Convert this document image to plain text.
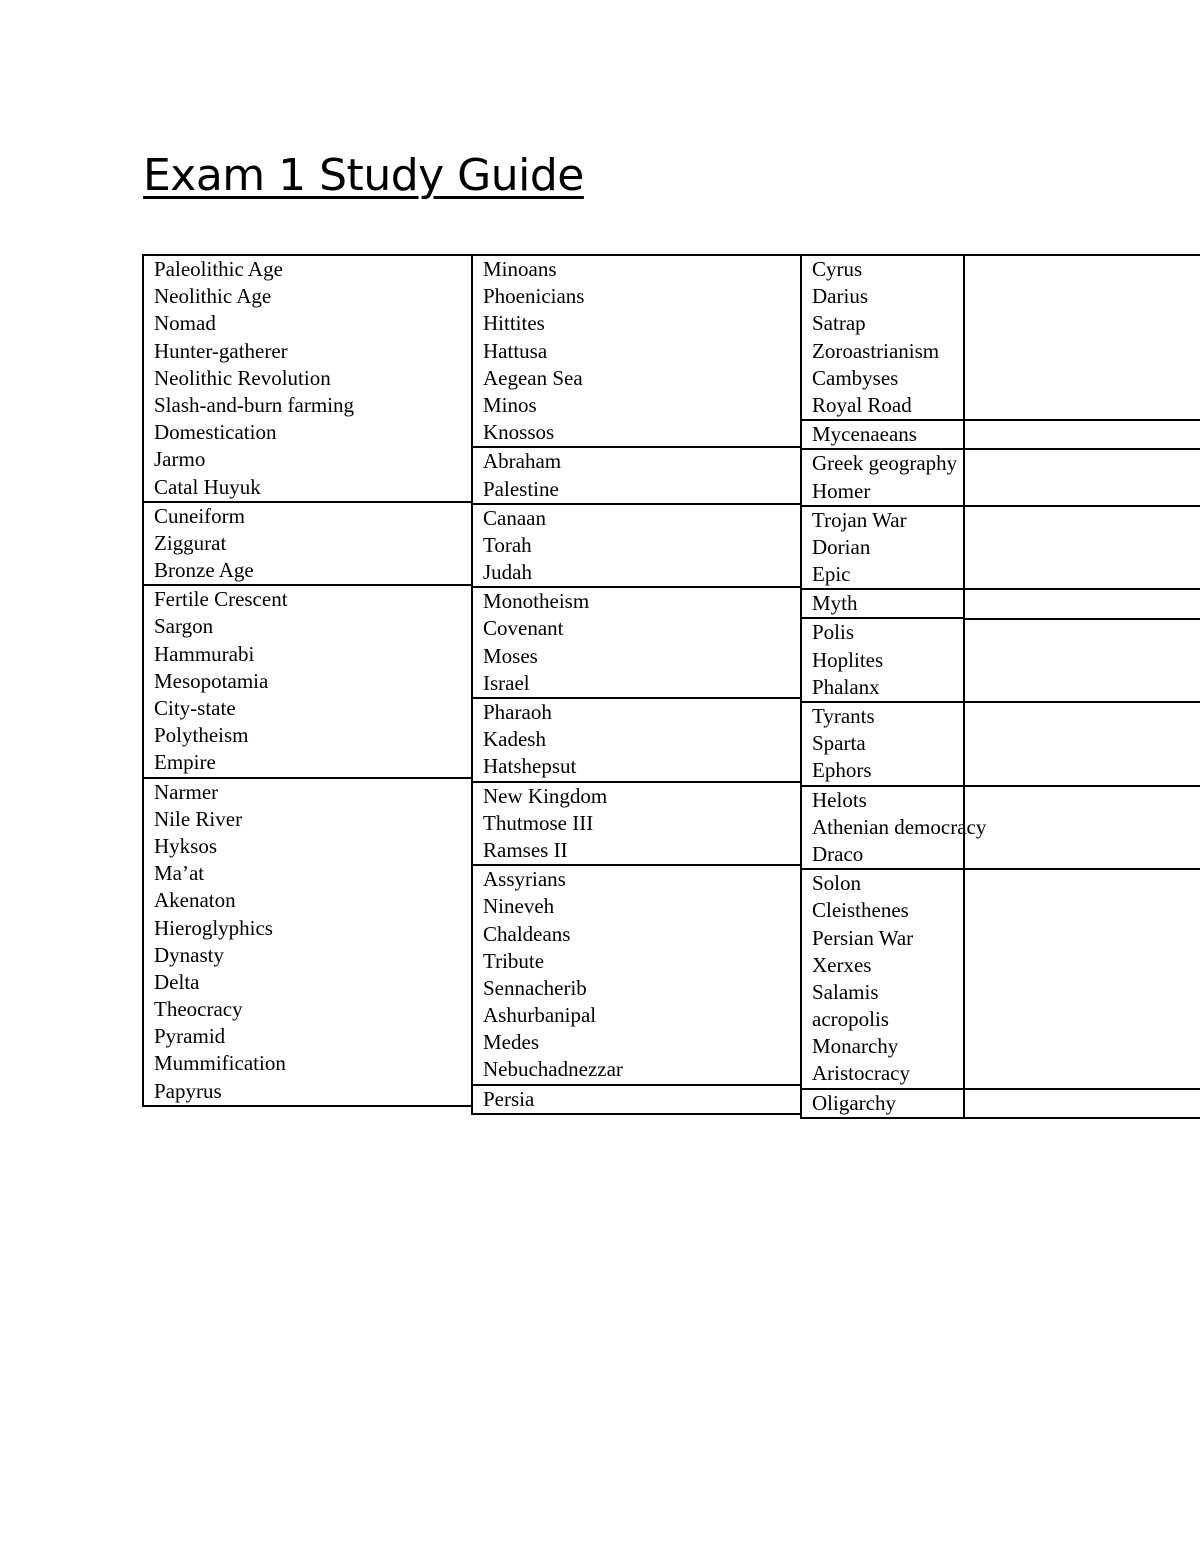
Exam 1 Study Guide
Paleolithic Age
Neolithic Age
Nomad
Hunter-gatherer
Neolithic Revolution
Slash-and-burn farming
Domestication
Jarmo
Catal Huyuk
Cuneiform
Ziggurat
Bronze Age
Fertile Crescent
Sargon
Hammurabi
Mesopotamia
City-state
Polytheism
Empire
Narmer
Nile River
Hyksos
Ma’at
Akenaton
Hieroglyphics
Dynasty
Delta
Theocracy
Pyramid
Mummification
Papyrus
Minoans
Phoenicians
Hittites
Hattusa
Aegean Sea
Minos
Knossos
Abraham
Palestine
Canaan
Torah
Judah
Monotheism
Covenant
Moses
Israel
Pharaoh
Kadesh
Hatshepsut
New Kingdom
Thutmose III
Ramses II
Assyrians
Nineveh
Chaldeans
Tribute
Sennacherib
Ashurbanipal
Medes
Nebuchadnezzar
Persia
Cyrus
Darius
Satrap
Zoroastrianism
Cambyses
Royal Road
Mycenaeans
Greek geography
Homer
Trojan War
Dorian
Epic
Myth
Polis
Hoplites
Phalanx
Tyrants
Sparta
Ephors
Helots
Athenian democracy
Draco
Solon
Cleisthenes
Persian War
Xerxes
Salamis
acropolis
Monarchy
Aristocracy
Oligarchy
